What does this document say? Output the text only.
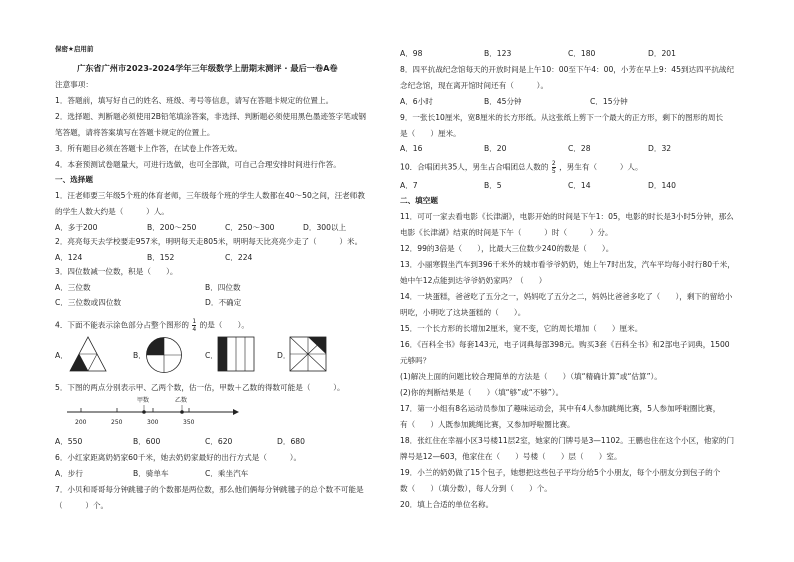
保密★启用前
广东省广州市2023-2024学年三年级数学上册期末测评 · 最后一卷A卷
注意事项：
1．答题前，填写好自己的姓名、班级、考号等信息，请写在答题卡规定的位置上。
2．选择题、判断题必须使用2B铅笔填涂答案，非选择、判断题必须使用黑色墨迹签字笔或钢
笔答题，请将答案填写在答题卡规定的位置上。
3．所有题目必须在答题卡上作答，在试卷上作答无效。
4．本套预测试卷题量大，可进行选做，也可全部做，可自己合理安排时间进行作答。
一、选择题
1．汪老师要三年级5个班的体育老师，三年级每个班的学生人数都在40～50之间，汪老师教
的学生人数大约是（　　　）人。
A．多于200	B．200～250	C．250～300	D．300以上
2．亮亮每天去学校要走957米，明明每天走805米，明明每天比亮亮少走了（　　　）米。
A．124	B．152	C．224
3．四位数减一位数，积是（　　）。
A．三位数	B．四位数
C．三位数或四位数	D．不确定
4．下面不能表示涂色部分占整个图形的 $\frac{1}{4}$ 的是（　　）。
A．	B．	C．	D．
5．下图的两点分别表示甲、乙两个数，估一估，甲数＋乙数的得数可能是（　　　）。
甲数	乙数
200	250	300	350
A．550	B．600	C．620	D．680
6．小红家距离奶奶家60千米，她去奶奶家最好的出行方式是（　　　）。
A．步行	B．骑单车	C．乘坐汽车
7．小贝和哥哥每分钟跳毽子的个数都是两位数，那么他们俩每分钟跳毽子的总个数不可能是
（　　　）个。
A．98	B．123	C．180	D．201
8．四平抗战纪念馆每天的开放时间是上午10：00至下午4：00，小芳在早上9：45到达四平抗战纪
念纪念馆，现在离开馆时间还有（　　　）。
A．6小时	B．45分钟	C．15分钟
9．一张长10厘米，宽8厘米的长方形纸。从这张纸上剪下一个最大的正方形，剩下的图形的周长
是（　　）厘米。
A．16	B．20	C．28	D．32
10．合唱团共35人，男生占合唱团总人数的 $\frac{2}{5}$ ，男生有（　　　）人。
A．7	B．5	C．14	D．140
二、填空题
11．可可一家去看电影《长津湖》，电影开始的时间是下午1：05，电影的时长是3小时5分钟，那么
电影《长津湖》结束的时间是下午（　　　）时（　　　）分。
12．99的3倍是（　　），比最大三位数少240的数是（　　）。
13．小丽寒假坐汽车到396千米外的城市看爷爷奶奶，她上午7时出发，汽车平均每小时行80千米，
她中午12点能到达爷爷奶奶家吗？（　　）
14．一块蛋糕，爸爸吃了五分之一，妈妈吃了五分之二，妈妈比爸爸多吃了（　　），剩下的留给小
明吃，小明吃了这块蛋糕的（　　）。
15．一个长方形的长增加2厘米，宽不变，它的周长增加（　　）厘米。
16．《百科全书》每套143元，电子词典每部398元。购买3套《百科全书》和2部电子词典，1500
元够吗？
(1)解决上面的问题比较合理简单的方法是（　　）（填“精确计算”或“估算”）。
(2)你的判断结果是（　　）（填“够”或“不够”）。
17．第一小组有8名运动员参加了趣味运动会，其中有4人参加跳绳比赛，5人参加呼啦圈比赛，
有（　　）人既参加跳绳比赛，又参加呼啦圈比赛。
18．张红住在幸福小区3号楼11层2室，她家的门牌号是3—1102。王鹏也住在这个小区，他家的门
牌号是12—603，他家住在（　　）号楼（　　）层（　　）室。
19．小兰的奶奶做了15个包子，她想把这些包子平均分给5个小朋友，每个小朋友分到包子的个
数（　　）（填分数），每人分到（　　）个。
20．填上合适的单位名称。
